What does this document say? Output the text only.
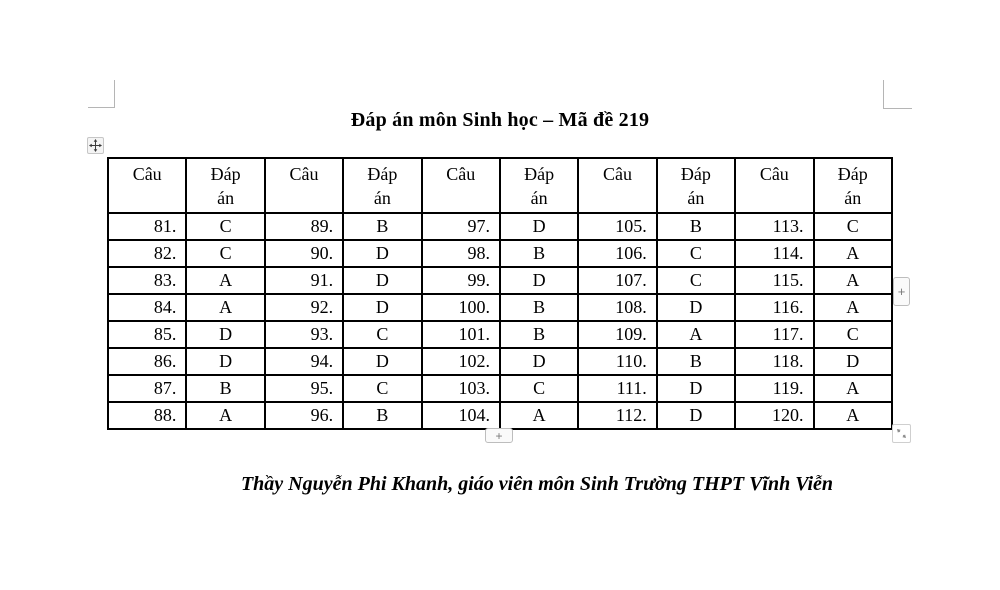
Đáp án môn Sinh học – Mã đề 219
Câu	Đáp án	Câu	Đáp án	Câu	Đáp án	Câu	Đáp án	Câu	Đáp án
81.	C	89.	B	97.	D	105.	B	113.	C
82.	C	90.	D	98.	B	106.	C	114.	A
83.	A	91.	D	99.	D	107.	C	115.	A
84.	A	92.	D	100.	B	108.	D	116.	A
85.	D	93.	C	101.	B	109.	A	117.	C
86.	D	94.	D	102.	D	110.	B	118.	D
87.	B	95.	C	103.	C	111.	D	119.	A
88.	A	96.	B	104.	A	112.	D	120.	A
+
+
Thầy Nguyễn Phi Khanh, giáo viên môn Sinh Trường THPT Vĩnh Viễn
